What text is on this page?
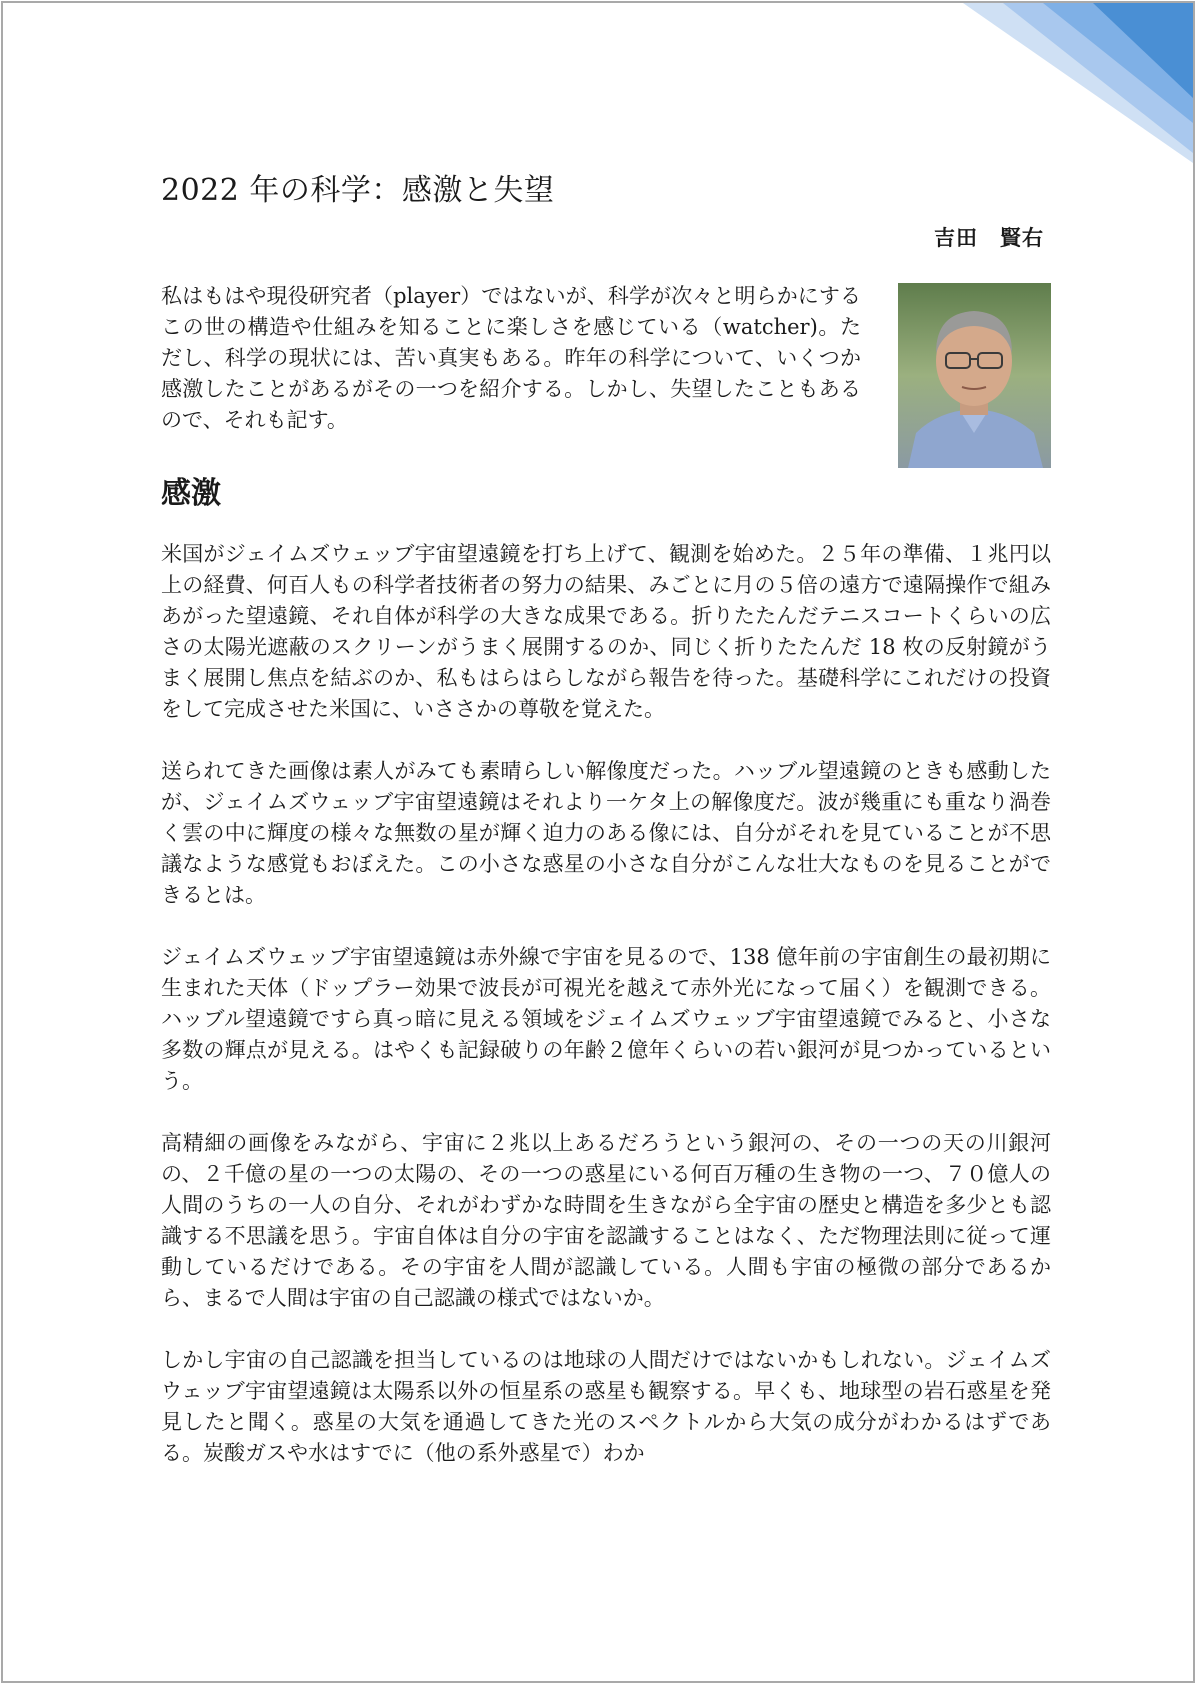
2022 年の科学：感激と失望
吉田　賢右

私はもはや現役研究者（player）ではないが、科学が次々と明らかにするこの世の構造や仕組みを知ることに楽しさを感じている（watcher)。ただし、科学の現状には、苦い真実もある。昨年の科学について、いくつか感激したことがあるがその一つを紹介する。しかし、失望したこともあるので、それも記す。

感激

米国がジェイムズウェッブ宇宙望遠鏡を打ち上げて、観測を始めた。２５年の準備、１兆円以上の経費、何百人もの科学者技術者の努力の結果、みごとに月の５倍の遠方で遠隔操作で組みあがった望遠鏡、それ自体が科学の大きな成果である。折りたたんだテニスコートくらいの広さの太陽光遮蔽のスクリーンがうまく展開するのか、同じく折りたたんだ 18 枚の反射鏡がうまく展開し焦点を結ぶのか、私もはらはらしながら報告を待った。基礎科学にこれだけの投資をして完成させた米国に、いささかの尊敬を覚えた。

送られてきた画像は素人がみても素晴らしい解像度だった。ハッブル望遠鏡のときも感動したが、ジェイムズウェッブ宇宙望遠鏡はそれより一ケタ上の解像度だ。波が幾重にも重なり渦巻く雲の中に輝度の様々な無数の星が輝く迫力のある像には、自分がそれを見ていることが不思議なような感覚もおぼえた。この小さな惑星の小さな自分がこんな壮大なものを見ることができるとは。

ジェイムズウェッブ宇宙望遠鏡は赤外線で宇宙を見るので、138 億年前の宇宙創生の最初期に生まれた天体（ドップラー効果で波長が可視光を越えて赤外光になって届く）を観測できる。ハッブル望遠鏡ですら真っ暗に見える領域をジェイムズウェッブ宇宙望遠鏡でみると、小さな多数の輝点が見える。はやくも記録破りの年齢２億年くらいの若い銀河が見つかっているという。

高精細の画像をみながら、宇宙に２兆以上あるだろうという銀河の、その一つの天の川銀河の、２千億の星の一つの太陽の、その一つの惑星にいる何百万種の生き物の一つ、７０億人の人間のうちの一人の自分、それがわずかな時間を生きながら全宇宙の歴史と構造を多少とも認識する不思議を思う。宇宙自体は自分の宇宙を認識することはなく、ただ物理法則に従って運動しているだけである。その宇宙を人間が認識している。人間も宇宙の極微の部分であるから、まるで人間は宇宙の自己認識の様式ではないか。

しかし宇宙の自己認識を担当しているのは地球の人間だけではないかもしれない。ジェイムズウェッブ宇宙望遠鏡は太陽系以外の恒星系の惑星も観察する。早くも、地球型の岩石惑星を発見したと聞く。惑星の大気を通過してきた光のスペクトルから大気の成分がわかるはずである。炭酸ガスや水はすでに（他の系外惑星で）わか
